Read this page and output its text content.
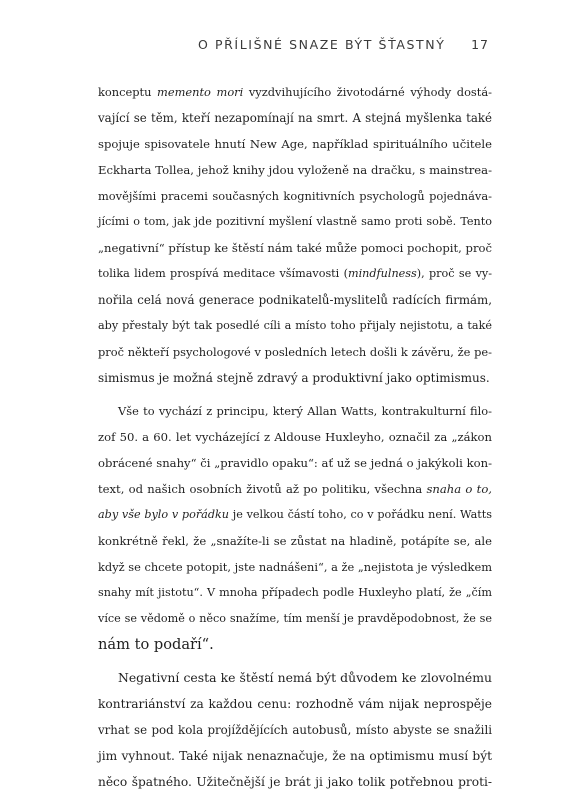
O PŘÍLIŠNÉ SNAZE BÝT ŠŤASTNÝ 17
konceptu memento mori vyzdvihujícího životodárné výhody dostá-
vající se těm, kteří nezapomínají na smrt. A stejná myšlenka také
spojuje spisovatele hnutí New Age, například spirituálního učitele
Eckharta Tollea, jehož knihy jdou vyloženě na dračku, s mainstrea-
movějšími pracemi současných kognitivních psychologů pojednáva-
jícími o tom, jak jde pozitivní myšlení vlastně samo proti sobě. Tento
„negativní“ přístup ke štěstí nám také může pomoci pochopit, proč
tolika lidem prospívá meditace všímavosti (mindfulness), proč se vy-
nořila celá nová generace podnikatelů-myslitelů radících firmám,
aby přestaly být tak posedlé cíli a místo toho přijaly nejistotu, a také
proč někteří psychologové v posledních letech došli k závěru, že pe-
simismus je možná stejně zdravý a produktivní jako optimismus.
Vše to vychází z principu, který Allan Watts, kontrakulturní filo-
zof 50. a 60. let vycházející z Aldouse Huxleyho, označil za „zákon
obrácené snahy“ či „pravidlo opaku“: ať už se jedná o jakýkoli kon-
text, od našich osobních životů až po politiku, všechna snaha o to,
aby vše bylo v pořádku je velkou částí toho, co v pořádku není. Watts
konkrétně řekl, že „snažíte-li se zůstat na hladině, potápíte se, ale
když se chcete potopit, jste nadnášeni“, a že „nejistota je výsledkem
snahy mít jistotu“. V mnoha případech podle Huxleyho platí, že „čím
více se vědomě o něco snažíme, tím menší je pravděpodobnost, že se
nám to podaří“.
Negativní cesta ke štěstí nemá být důvodem ke zlovolnému
kontrariánství za každou cenu: rozhodně vám nijak neprospěje
vrhat se pod kola projíždějících autobusů, místo abyste se snažili
jim vyhnout. Také nijak nenaznačuje, že na optimismu musí být
něco špatného. Užitečnější je brát ji jako tolik potřebnou proti-
